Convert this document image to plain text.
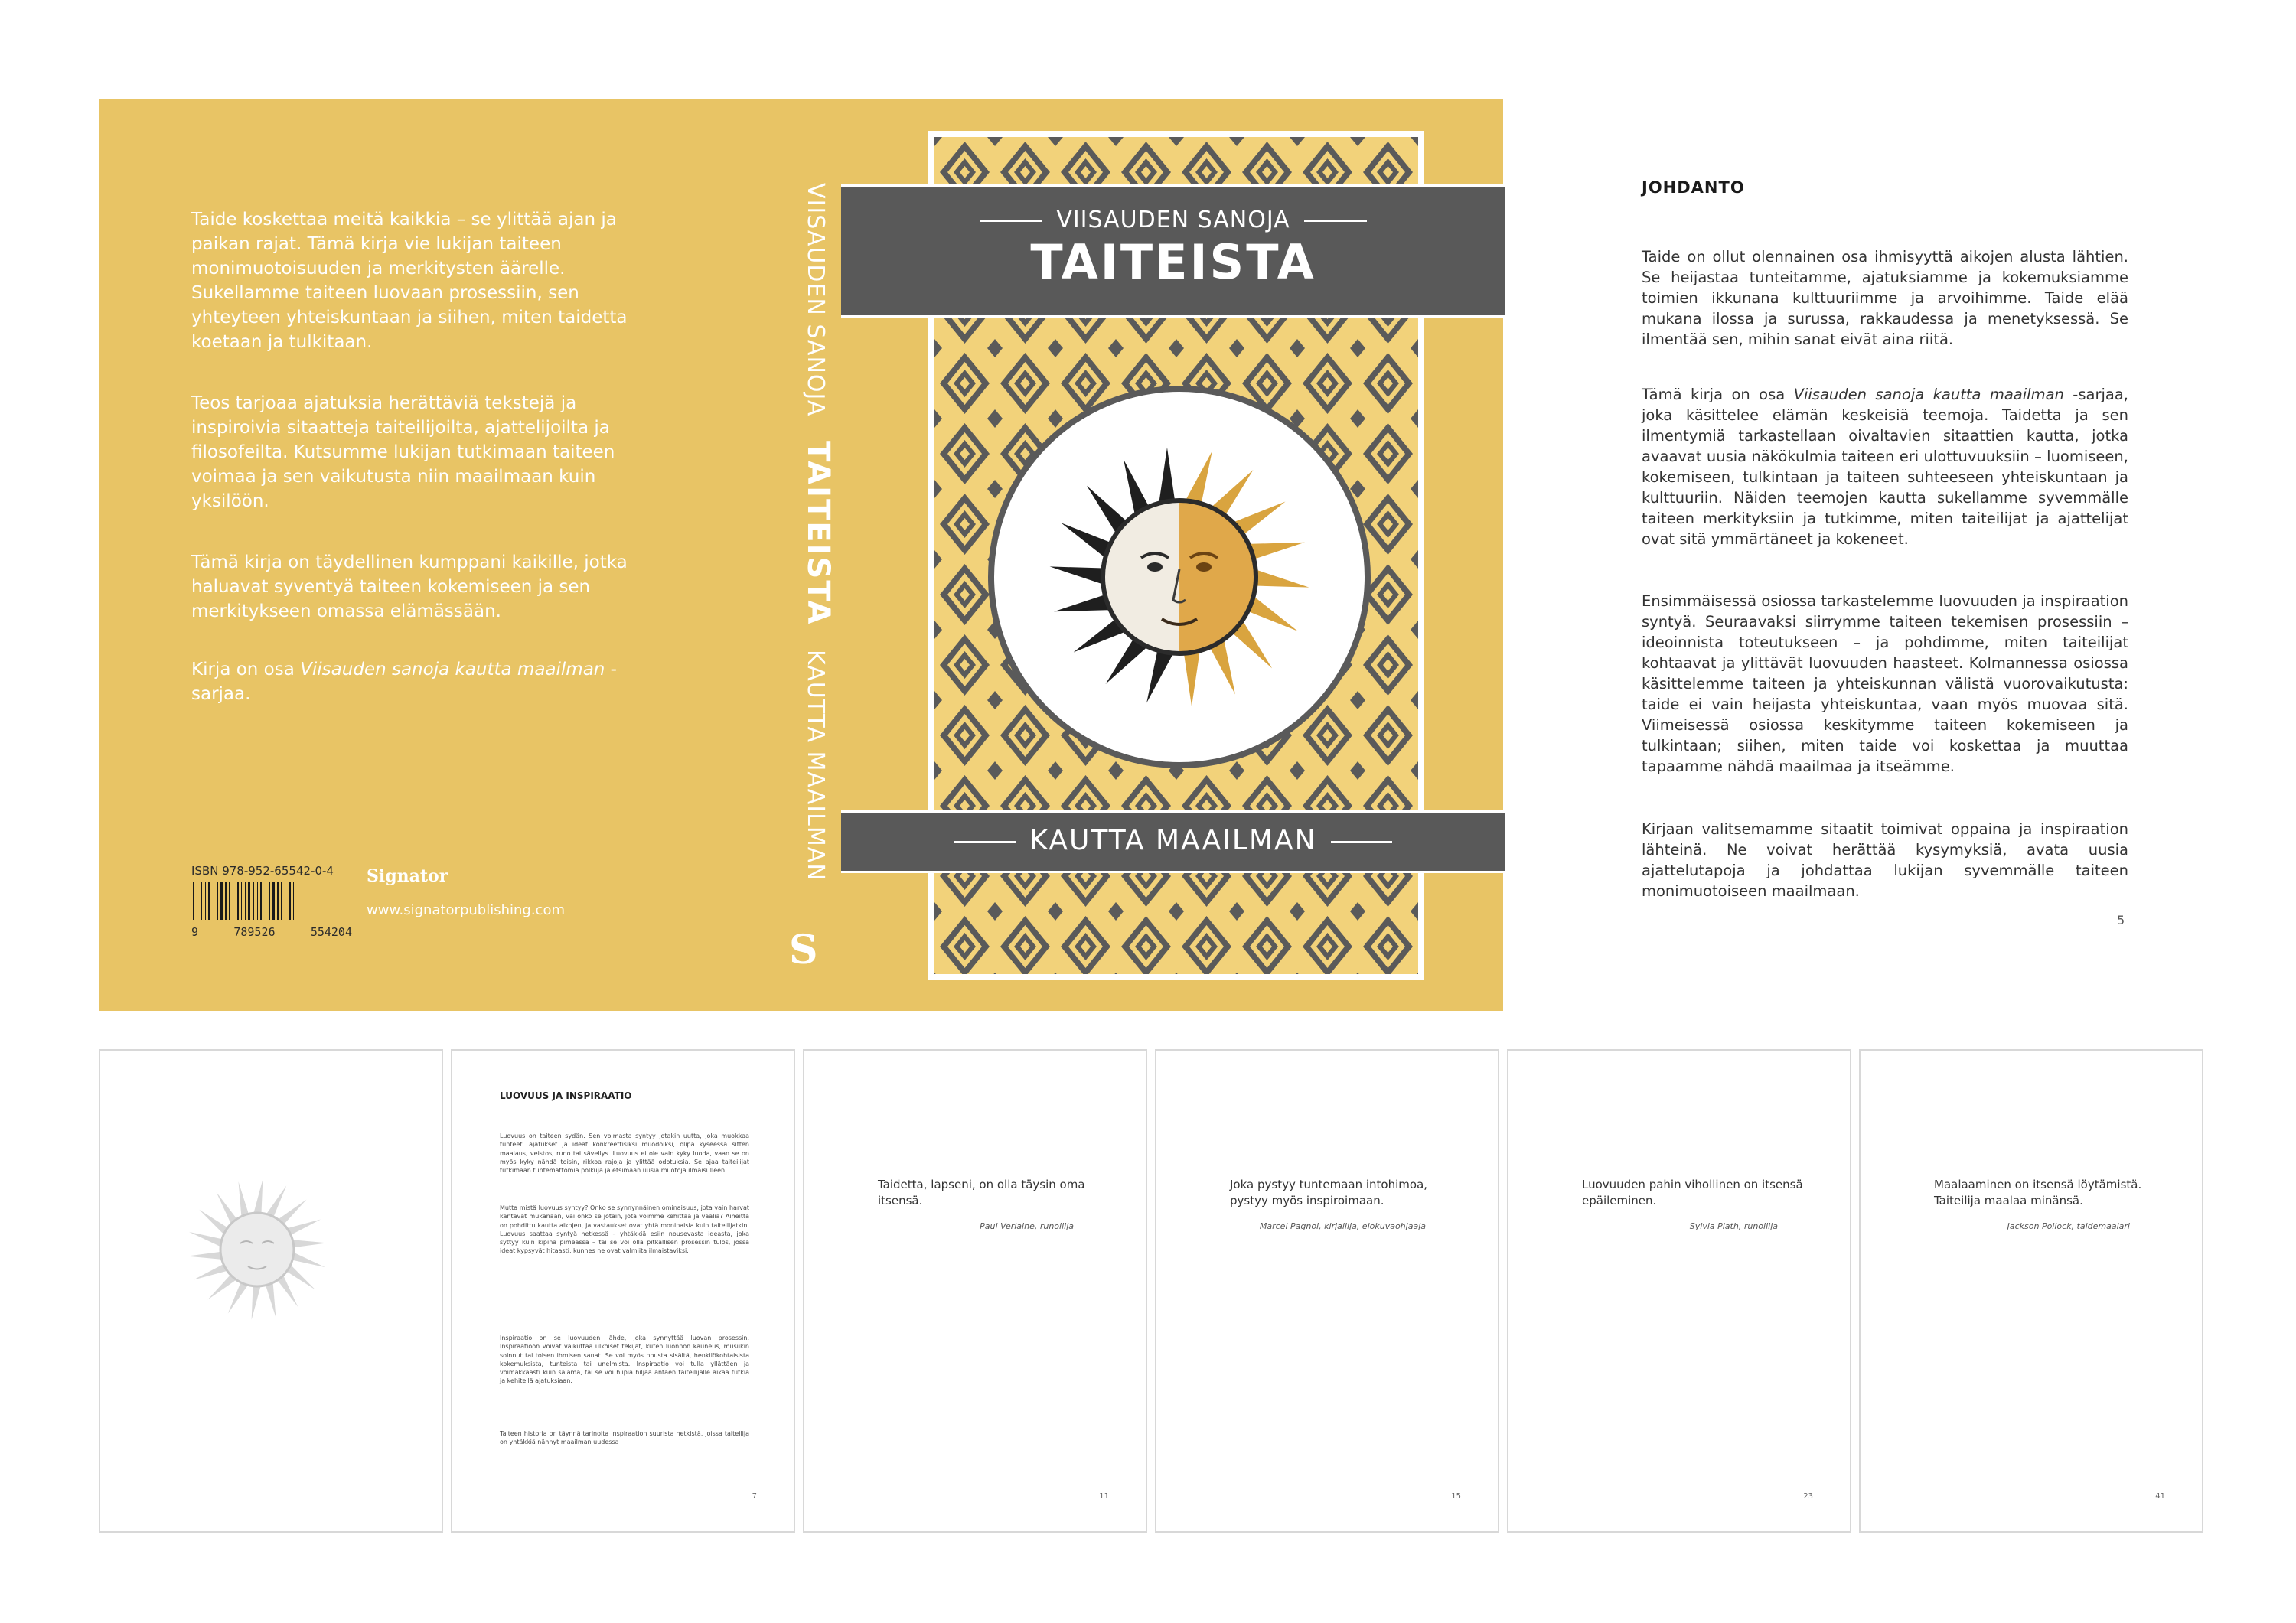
Taide koskettaa meitä kaikkia – se ylittää ajan ja paikan rajat. Tämä kirja vie lukijan taiteen monimuotoisuuden ja merkitysten äärelle. Sukellamme taiteen luovaan prosessiin, sen yhteyteen yhteiskuntaan ja siihen, miten taidetta koetaan ja tulkitaan.

Teos tarjoaa ajatuksia herättäviä tekstejä ja inspiroivia sitaatteja taiteilijoilta, ajattelijoilta ja filosofeilta. Kutsumme lukijan tutkimaan taiteen voimaa ja sen vaikutusta niin maailmaan kuin yksilöön.

Tämä kirja on täydellinen kumppani kaikille, jotka haluavat syventyä taiteen kokemiseen ja sen merkitykseen omassa elämässään.

Kirja on osa Viisauden sanoja kautta maailman -sarjaa.

ISBN 978-952-65542-0-4
9	789526	554204
Signator
www.signatorpublishing.com
VIISAUDEN SANOJA   TAITEISTA   KAUTTA MAAILMAN
S
VIISAUDEN SANOJA
TAITEISTA
KAUTTA MAAILMAN
JOHDANTO

Taide on ollut olennainen osa ihmisyyttä aikojen alusta lähtien. Se heijastaa tunteitamme, ajatuksiamme ja kokemuksiamme toimien ikkunana kulttuuriimme ja arvoihimme. Taide elää mukana ilossa ja surussa, rakkaudessa ja menetyksessä. Se ilmentää sen, mihin sanat eivät aina riitä.

Tämä kirja on osa Viisauden sanoja kautta maailman -sarjaa, joka käsittelee elämän keskeisiä teemoja. Taidetta ja sen ilmentymiä tarkastellaan oivaltavien sitaattien kautta, jotka avaavat uusia näkökulmia taiteen eri ulottuvuuksiin – luomiseen, kokemiseen, tulkintaan ja taiteen suhteeseen yhteiskuntaan ja kulttuuriin. Näiden teemojen kautta sukellamme syvemmälle taiteen merkityksiin ja tutkimme, miten taiteilijat ja ajattelijat ovat sitä ymmärtäneet ja kokeneet.

Ensimmäisessä osiossa tarkastelemme luovuuden ja inspiraation syntyä. Seuraavaksi siirrymme taiteen tekemisen prosessiin – ideoinnista toteutukseen – ja pohdimme, miten taiteilijat kohtaavat ja ylittävät luovuuden haasteet. Kolmannessa osiossa käsittelemme taiteen ja yhteiskunnan välistä vuorovaikutusta: taide ei vain heijasta yhteiskuntaa, vaan myös muovaa sitä. Viimeisessä osiossa keskitymme taiteen kokemiseen ja tulkintaan; siihen, miten taide voi koskettaa ja muuttaa tapaamme nähdä maailmaa ja itseämme.

Kirjaan valitsemamme sitaatit toimivat oppaina ja inspiraation lähteinä. Ne voivat herättää kysymyksiä, avata uusia ajattelutapoja ja johdattaa lukijan syvemmälle taiteen monimuotoiseen maailmaan.

5
LUOVUUS JA INSPIRAATIO

Luovuus on taiteen sydän. Sen voimasta syntyy jotakin uutta, joka muokkaa tunteet, ajatukset ja ideat konkreettisiksi muodoiksi, olipa kyseessä sitten maalaus, veistos, runo tai sävellys. Luovuus ei ole vain kyky luoda, vaan se on myös kyky nähdä toisin, rikkoa rajoja ja ylittää odotuksia. Se ajaa taiteilijat tutkimaan tuntemattomia polkuja ja etsimään uusia muotoja ilmaisulleen.

Mutta mistä luovuus syntyy? Onko se synnynnäinen ominaisuus, jota vain harvat kantavat mukanaan, vai onko se jotain, jota voimme kehittää ja vaalia? Aiheitta on pohdittu kautta aikojen, ja vastaukset ovat yhtä moninaisia kuin taiteilijatkin. Luovuus saattaa syntyä hetkessä – yhtäkkiä esiin nousevasta ideasta, joka syttyy kuin kipinä pimeässä – tai se voi olla pitkällisen prosessin tulos, jossa ideat kypsyvät hitaasti, kunnes ne ovat valmiita ilmaistaviksi.

Inspiraatio on se luovuuden lähde, joka synnyttää luovan prosessin. Inspiraatioon voivat vaikuttaa ulkoiset tekijät, kuten luonnon kauneus, musiikin soinnut tai toisen ihmisen sanat. Se voi myös nousta sisältä, henkilökohtaisista kokemuksista, tunteista tai unelmista. Inspiraatio voi tulla yllättäen ja voimakkaasti kuin salama, tai se voi hiipiä hiljaa antaen taiteilijalle aikaa tutkia ja kehitellä ajatuksiaan.

Taiteen historia on täynnä tarinoita inspiraation suurista hetkistä, joissa taiteilija on yhtäkkiä nähnyt maailman uudessa

7

Taidetta, lapseni, on olla täysin oma itsensä.

Paul Verlaine, runoilija
11

Joka pystyy tuntemaan intohimoa, pystyy myös inspiroimaan.

Marcel Pagnol, kirjailija, elokuvaohjaaja
15

Luovuuden pahin vihollinen on itsensä epäileminen.

Sylvia Plath, runoilija
23

Maalaaminen on itsensä löytämistä. Taiteilija maalaa minänsä.

Jackson Pollock, taidemaalari
41
